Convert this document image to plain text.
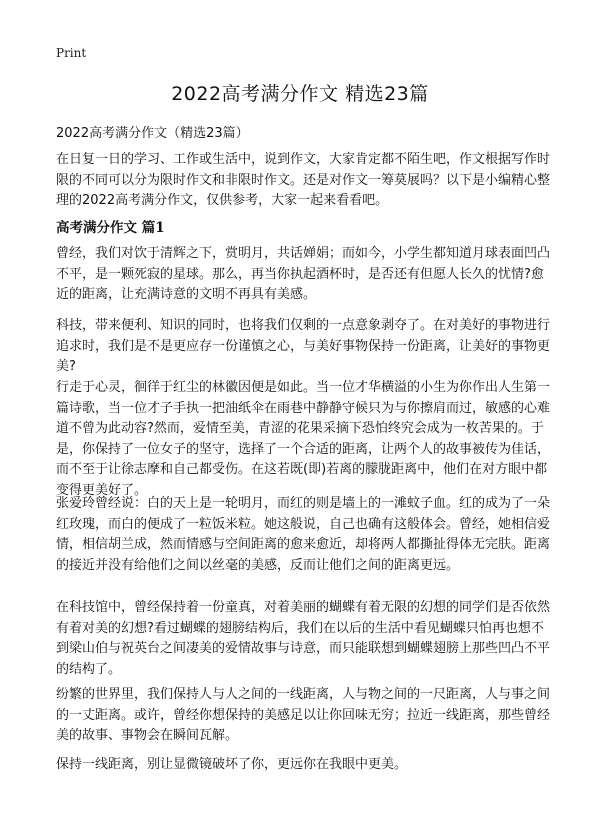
Print
2022高考满分作文 精选23篇
2022高考满分作文（精选23篇）

在日复一日的学习、工作或生活中，说到作文，大家肯定都不陌生吧，作文根据写作时限的不同可以分为限时作文和非限时作文。还是对作文一筹莫展吗？以下是小编精心整理的2022高考满分作文，仅供参考，大家一起来看看吧。

高考满分作文 篇1

曾经，我们对饮于清辉之下，赏明月，共话婵娟；而如今，小学生都知道月球表面凹凸不平，是一颗死寂的星球。那么，再当你执起酒杯时，是否还有但愿人长久的忧情?愈近的距离，让充满诗意的文明不再具有美感。

科技，带来便利、知识的同时，也将我们仅剩的一点意象剥夺了。在对美好的事物进行追求时，我们是不是更应存一份谨慎之心，与美好事物保持一份距离，让美好的事物更美?

行走于心灵，徊徉于红尘的林徽因便是如此。当一位才华横溢的小生为你作出人生第一篇诗歌，当一位才子手执一把油纸伞在雨巷中静静守候只为与你擦肩而过，敏感的心难道不曾为此动容?然而，爱情至美，青涩的花果采摘下恐怕终究会成为一枚苦果的。于是，你保持了一位女子的坚守，选择了一个合适的距离，让两个人的故事被传为佳话，而不至于让徐志摩和自己都受伤。在这若既(即)若离的朦胧距离中，他们在对方眼中都变得更美好了。

张爱玲曾经说：白的天上是一轮明月，而红的则是墙上的一滩蚊子血。红的成为了一朵红玫瑰，而白的便成了一粒饭米粒。她这般说，自己也确有这般体会。曾经，她相信爱情，相信胡兰成，然而情感与空间距离的愈来愈近，却将两人都撕扯得体无完肤。距离的接近并没有给他们之间以丝毫的美感，反而让他们之间的距离更远。

在科技馆中，曾经保持着一份童真，对着美丽的蝴蝶有着无限的幻想的同学们是否依然有着对美的幻想?看过蝴蝶的翅膀结构后，我们在以后的生活中看见蝴蝶只怕再也想不到梁山伯与祝英台之间凄美的爱情故事与诗意，而只能联想到蝴蝶翅膀上那些凹凸不平的结构了。

纷繁的世界里，我们保持人与人之间的一线距离，人与物之间的一尺距离，人与事之间的一丈距离。或许，曾经你想保持的美感足以让你回味无穷；拉近一线距离，那些曾经美的故事、事物会在瞬间瓦解。

保持一线距离，别让显微镜破坏了你，更远你在我眼中更美。
